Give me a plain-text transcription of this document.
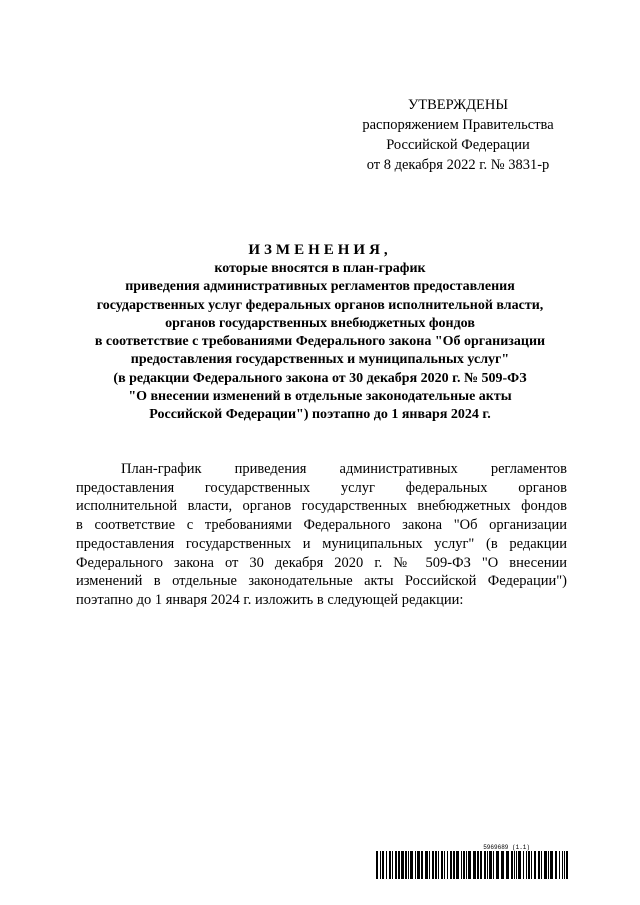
УТВЕРЖДЕНЫ
распоряжением Правительства
Российской Федерации
от 8 декабря 2022 г. № 3831-р
ИЗМЕНЕНИЯ,
которые вносятся в план-график
приведения административных регламентов предоставления
государственных услуг федеральных органов исполнительной власти,
органов государственных внебюджетных фондов
в соответствие с требованиями Федерального закона "Об организации
предоставления государственных и муниципальных услуг"
(в редакции Федерального закона от 30 декабря 2020 г. № 509-ФЗ
"О внесении изменений в отдельные законодательные акты
Российской Федерации") поэтапно до 1 января 2024 г.
План-график приведения административных регламентов
предоставления государственных услуг федеральных органов
исполнительной власти, органов государственных внебюджетных фондов
в соответствие с требованиями Федерального закона "Об организации
предоставления государственных и муниципальных услуг" (в редакции
Федерального закона от 30 декабря 2020 г. № 509-ФЗ "О внесении
изменений в отдельные законодательные акты Российской Федерации")
поэтапно до 1 января 2024 г. изложить в следующей редакции:
5969689 (1.1)
